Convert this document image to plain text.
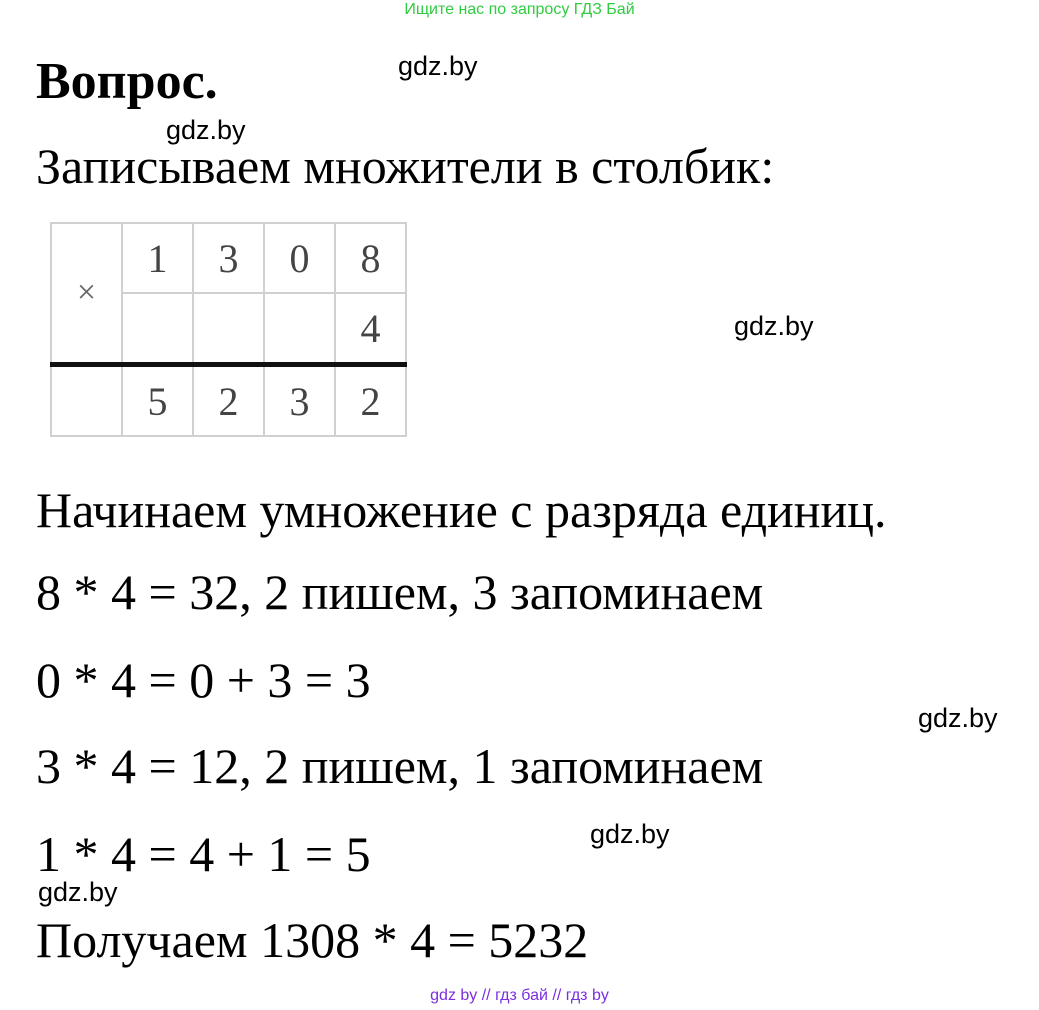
Ищите нас по запросу ГДЗ Бай
Вопрос.	gdz.by
gdz.by
Записываем множители в столбик:
×	1	3	0	8
				4
	5	2	3	2
gdz.by
Начинаем умножение с разряда единиц.
8 * 4 = 32, 2 пишем, 3 запоминаем
0 * 4 = 0 + 3 = 3
gdz.by
3 * 4 = 12, 2 пишем, 1 запоминаем
gdz.by
1 * 4 = 4 + 1 = 5
gdz.by
Получаем 1308 * 4 = 5232
gdz by // гдз бай // гдз by
